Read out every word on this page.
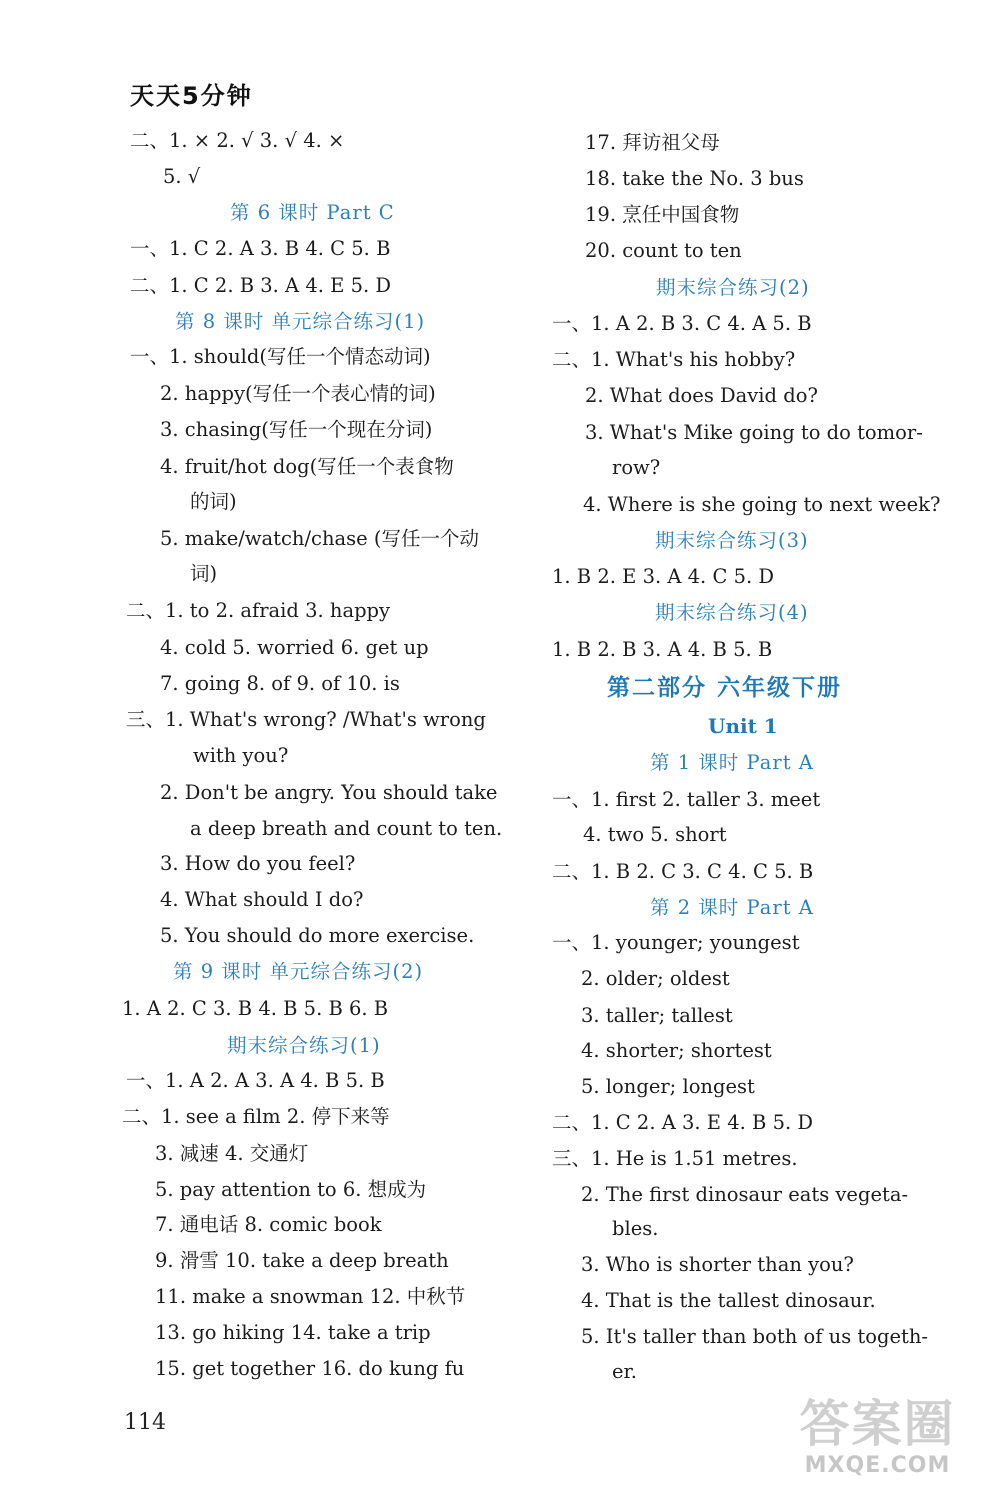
天天5分钟
二、1. × 2. √ 3. √ 4. ×
5. √
第 6 课时 Part C
一、1. C 2. A 3. B 4. C 5. B
二、1. C 2. B 3. A 4. E 5. D
第 8 课时 单元综合练习(1)
一、1. should(写任一个情态动词)
2. happy(写任一个表心情的词)
3. chasing(写任一个现在分词)
4. fruit/hot dog(写任一个表食物
的词)
5. make/watch/chase (写任一个动
词)
二、1. to 2. afraid 3. happy
4. cold 5. worried 6. get up
7. going 8. of 9. of 10. is
三、1. What's wrong? /What's wrong
with you?
2. Don't be angry. You should take
a deep breath and count to ten.
3. How do you feel?
4. What should I do?
5. You should do more exercise.
第 9 课时 单元综合练习(2)
1. A 2. C 3. B 4. B 5. B 6. B
期末综合练习(1)
一、1. A 2. A 3. A 4. B 5. B
二、1. see a film 2. 停下来等
3. 减速 4. 交通灯
5. pay attention to 6. 想成为
7. 通电话 8. comic book
9. 滑雪 10. take a deep breath
11. make a snowman 12. 中秋节
13. go hiking 14. take a trip
15. get together 16. do kung fu
17. 拜访祖父母
18. take the No. 3 bus
19. 烹任中国食物
20. count to ten
期末综合练习(2)
一、1. A 2. B 3. C 4. A 5. B
二、1. What's his hobby?
2. What does David do?
3. What's Mike going to do tomor-
row?
4. Where is she going to next week?
期末综合练习(3)
1. B 2. E 3. A 4. C 5. D
期末综合练习(4)
1. B 2. B 3. A 4. B 5. B
第二部分 六年级下册
Unit 1
第 1 课时 Part A
一、1. first 2. taller 3. meet
4. two 5. short
二、1. B 2. C 3. C 4. C 5. B
第 2 课时 Part A
一、1. younger; youngest
2. older; oldest
3. taller; tallest
4. shorter; shortest
5. longer; longest
二、1. C 2. A 3. E 4. B 5. D
三、1. He is 1.51 metres.
2. The first dinosaur eats vegeta-
bles.
3. Who is shorter than you?
4. That is the tallest dinosaur.
5. It's taller than both of us togeth-
er.
114	答案圈
MXQE.COM
